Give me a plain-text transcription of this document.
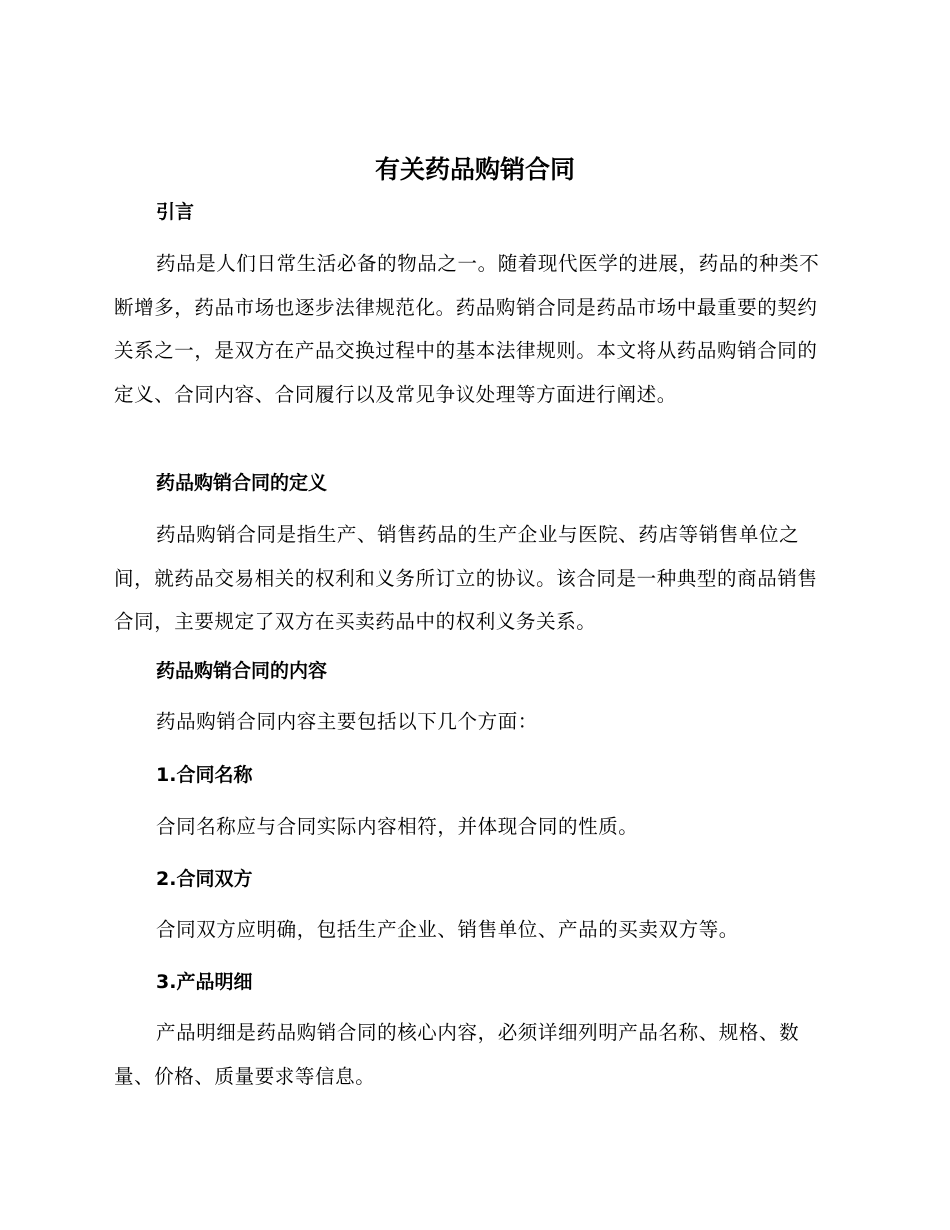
有关药品购销合同
引言

药品是人们日常生活必备的物品之一。随着现代医学的进展，药品的种类不断增多，药品市场也逐步法律规范化。药品购销合同是药品市场中最重要的契约关系之一，是双方在产品交换过程中的基本法律规则。本文将从药品购销合同的定义、合同内容、合同履行以及常见争议处理等方面进行阐述。

药品购销合同的定义

药品购销合同是指生产、销售药品的生产企业与医院、药店等销售单位之间，就药品交易相关的权利和义务所订立的协议。该合同是一种典型的商品销售合同，主要规定了双方在买卖药品中的权利义务关系。

药品购销合同的内容

药品购销合同内容主要包括以下几个方面：

1.合同名称

合同名称应与合同实际内容相符，并体现合同的性质。

2.合同双方

合同双方应明确，包括生产企业、销售单位、产品的买卖双方等。

3.产品明细

产品明细是药品购销合同的核心内容，必须详细列明产品名称、规格、数量、价格、质量要求等信息。
